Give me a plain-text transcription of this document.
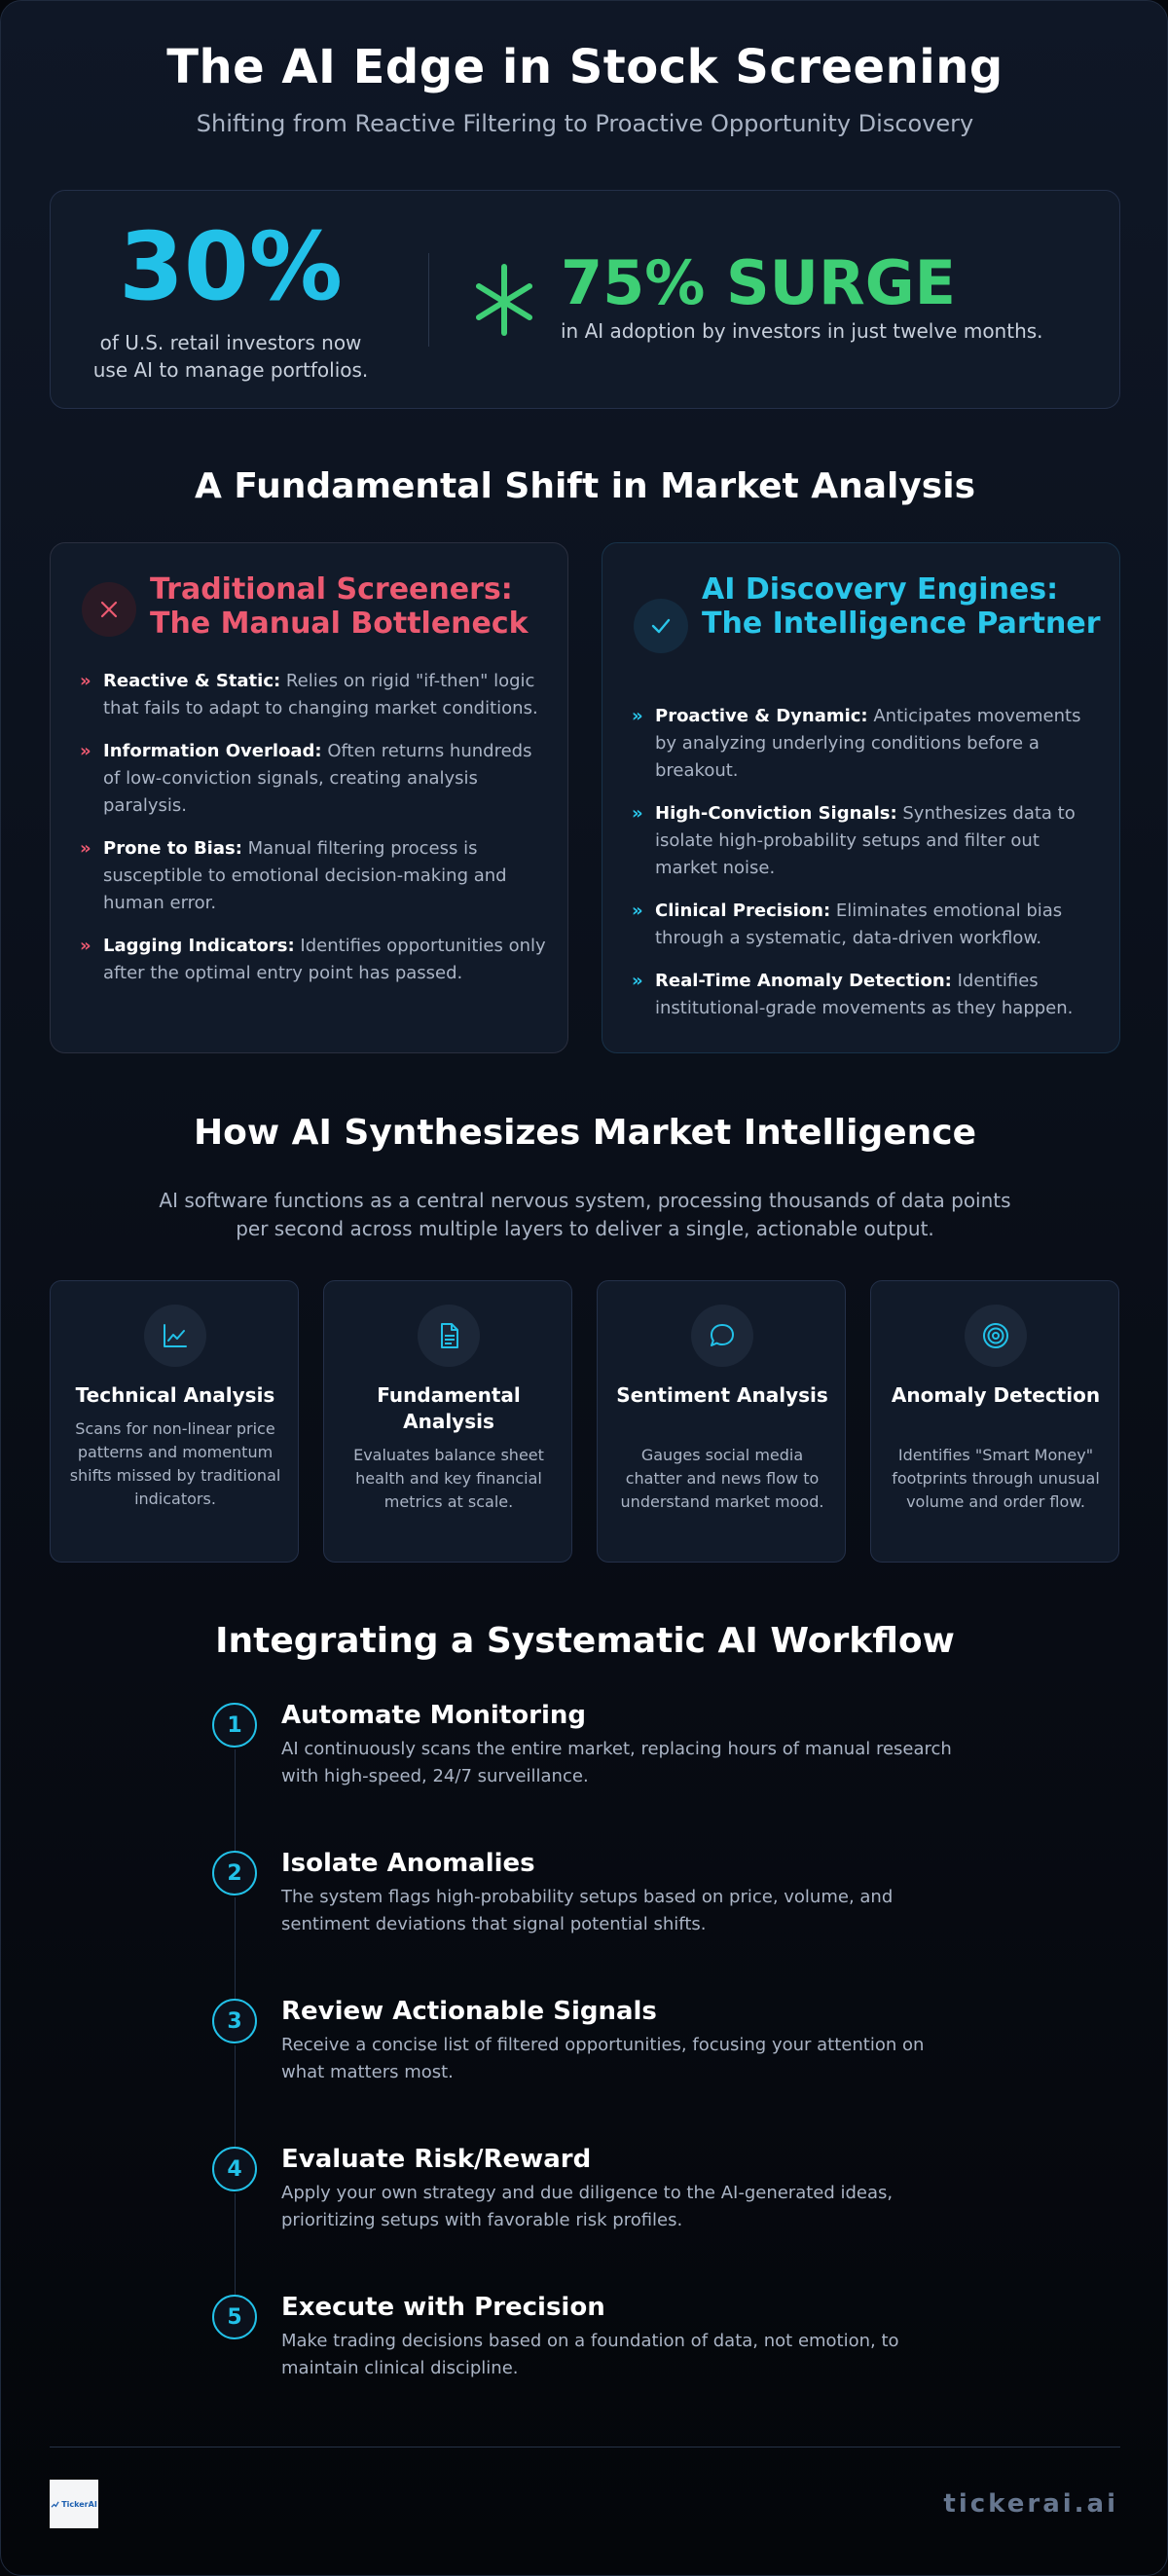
The AI Edge in Stock Screening
Shifting from Reactive Filtering to Proactive Opportunity Discovery
30%
of U.S. retail investors now use AI to manage portfolios.
75% SURGE
in AI adoption by investors in just twelve months.
A Fundamental Shift in Market Analysis
Traditional Screeners: The Manual Bottleneck
» Reactive & Static: Relies on rigid "if-then" logic that fails to adapt to changing market conditions.
» Information Overload: Often returns hundreds of low-conviction signals, creating analysis paralysis.
» Prone to Bias: Manual filtering process is susceptible to emotional decision-making and human error.
» Lagging Indicators: Identifies opportunities only after the optimal entry point has passed.
AI Discovery Engines: The Intelligence Partner
» Proactive & Dynamic: Anticipates movements by analyzing underlying conditions before a breakout.
» High-Conviction Signals: Synthesizes data to isolate high-probability setups and filter out market noise.
» Clinical Precision: Eliminates emotional bias through a systematic, data-driven workflow.
» Real-Time Anomaly Detection: Identifies institutional-grade movements as they happen.
How AI Synthesizes Market Intelligence
AI software functions as a central nervous system, processing thousands of data points per second across multiple layers to deliver a single, actionable output.
Technical Analysis
Scans for non-linear price patterns and momentum shifts missed by traditional indicators.
Fundamental Analysis
Evaluates balance sheet health and key financial metrics at scale.
Sentiment Analysis
Gauges social media chatter and news flow to understand market mood.
Anomaly Detection
Identifies "Smart Money" footprints through unusual volume and order flow.
Integrating a Systematic AI Workflow
1	Automate Monitoring
AI continuously scans the entire market, replacing hours of manual research with high-speed, 24/7 surveillance.
2	Isolate Anomalies
The system flags high-probability setups based on price, volume, and sentiment deviations that signal potential shifts.
3	Review Actionable Signals
Receive a concise list of filtered opportunities, focusing your attention on what matters most.
4	Evaluate Risk/Reward
Apply your own strategy and due diligence to the AI-generated ideas, prioritizing setups with favorable risk profiles.
5	Execute with Precision
Make trading decisions based on a foundation of data, not emotion, to maintain clinical discipline.
TickerAI	tickerai.ai
